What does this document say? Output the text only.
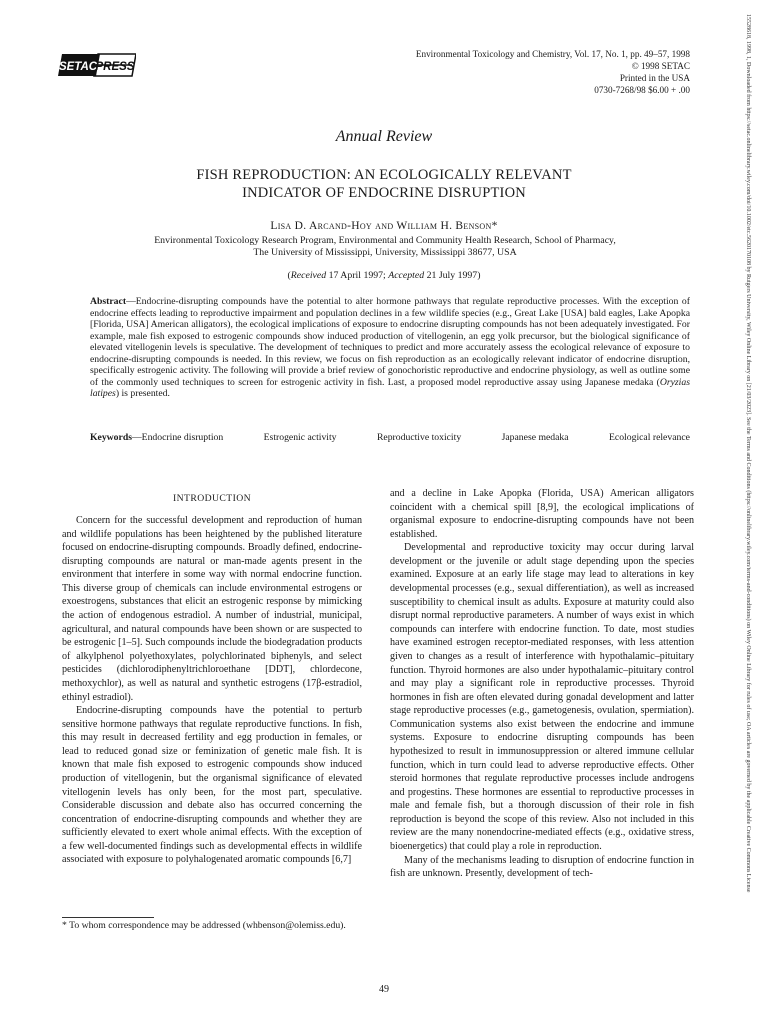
SETAC
PRESS
Environmental Toxicology and Chemistry, Vol. 17, No. 1, pp. 49–57, 1998
© 1998 SETAC
Printed in the USA
0730-7268/98 $6.00 + .00
Annual Review
FISH REPRODUCTION: AN ECOLOGICALLY RELEVANT
INDICATOR OF ENDOCRINE DISRUPTION
Lisa D. Arcand-Hoy and William H. Benson*
Environmental Toxicology Research Program, Environmental and Community Health Research, School of Pharmacy,
The University of Mississippi, University, Mississippi 38677, USA
(Received 17 April 1997; Accepted 21 July 1997)
Abstract—Endocrine-disrupting compounds have the potential to alter hormone pathways that regulate reproductive processes. With the exception of endocrine effects leading to reproductive impairment and population declines in a few wildlife species (e.g., Great Lake [USA] bald eagles, Lake Apopka [Florida, USA] American alligators), the ecological implications of exposure to endocrine disrupting compounds has not been adequately investigated. For example, male fish exposed to estrogenic compounds show induced production of vitellogenin, an egg yolk precursor, but the biological significance of elevated vitellogenin levels is speculative. The development of techniques to predict and more accurately assess the ecological relevance of exposure to endocrine-disrupting compounds is needed. In this review, we focus on fish reproduction as an ecologically relevant indicator of endocrine disruption, specifically estrogenic activity. The following will provide a brief review of gonochoristic reproductive and endocrine physiology, as well as outline some of the commonly used techniques to screen for estrogenic activity in fish. Last, a proposed model reproductive assay using Japanese medaka (Oryzias latipes) is presented.
Keywords—Endocrine disruption	Estrogenic activity	Reproductive toxicity	Japanese medaka	Ecological relevance
INTRODUCTION

Concern for the successful development and reproduction of human and wildlife populations has been heightened by the published literature focused on endocrine-disrupting compounds. Broadly defined, endocrine-disrupting compounds are natural or man-made agents present in the environment that interfere in some way with normal endocrine function. This diverse group of chemicals can include environmental estrogens or exoestrogens, substances that elicit an estrogenic response by mimicking the action of endogenous estradiol. A number of industrial, municipal, agricultural, and natural compounds have been shown or are suspected to be estrogenic [1–5]. Such compounds include the biodegradation products of alkylphenol polyethoxylates, polychlorinated biphenyls, and select pesticides (dichlorodiphenyltrichloroethane [DDT], chlordecone, methoxychlor), as well as natural and synthetic estrogens (17β-estradiol, ethinyl estradiol).

Endocrine-disrupting compounds have the potential to perturb sensitive hormone pathways that regulate reproductive functions. In fish, this may result in decreased fertility and egg production in females, or lead to reduced gonad size or feminization of genetic male fish. It is known that male fish exposed to estrogenic compounds show induced production of vitellogenin, but the organismal significance of elevated vitellogenin levels has only been, for the most part, speculative. Considerable discussion and debate also has occurred concerning the concentration of endocrine-disrupting compounds and whether they are sufficiently elevated to exert whole animal effects. With the exception of a few well-documented findings such as developmental effects in wildlife associated with exposure to polyhalogenated aromatic compounds [6,7]

and a decline in Lake Apopka (Florida, USA) American alligators coincident with a chemical spill [8,9], the ecological implications of organismal exposure to endocrine-disrupting compounds have not been established.

Developmental and reproductive toxicity may occur during larval development or the juvenile or adult stage depending upon the species examined. Exposure at an early life stage may lead to alterations in key developmental processes (e.g., sexual differentiation), as well as increased susceptibility to chemical insult as adults. Exposure at maturity could also disrupt normal reproductive parameters. A number of ways exist in which compounds can interfere with endocrine function. To date, most studies have examined estrogen receptor-mediated responses, with less attention given to changes as a result of interference with hypothalamic–pituitary function. Thyroid hormones are also under hypothalamic–pituitary control and may play a significant role in reproductive processes. Thyroid hormones in fish are often elevated during gonadal development and latter stage reproductive processes (e.g., gametogenesis, ovulation, spermiation). Communication systems also exist between the endocrine and immune systems. Exposure to endocrine disrupting compounds has been hypothesized to result in immunosuppression or altered immune cellular function, which in turn could lead to adverse reproductive effects. Other steroid hormones that regulate reproductive processes include androgens and progestins. These hormones are essential to reproductive processes in male and female fish, but a thorough discussion of their role in fish reproduction is beyond the scope of this review. Also not included in this review are the many nonendocrine-mediated effects (e.g., oxidative stress, bioenergetics) that could play a role in reproduction.

Many of the mechanisms leading to disruption of endocrine function in fish are unknown. Presently, development of tech-

* To whom correspondence may be addressed (whbenson@olemiss.edu).
49
15528618, 1998, 1, Downloaded from https://setac.onlinelibrary.wiley.com/doi/10.1002/etc.5620170108 by Rutgers University, Wiley Online Library on [21/03/2023]. See the Terms and Conditions (https://onlinelibrary.wiley.com/terms-and-conditions) on Wiley Online Library for rules of use; OA articles are governed by the applicable Creative Commons License
